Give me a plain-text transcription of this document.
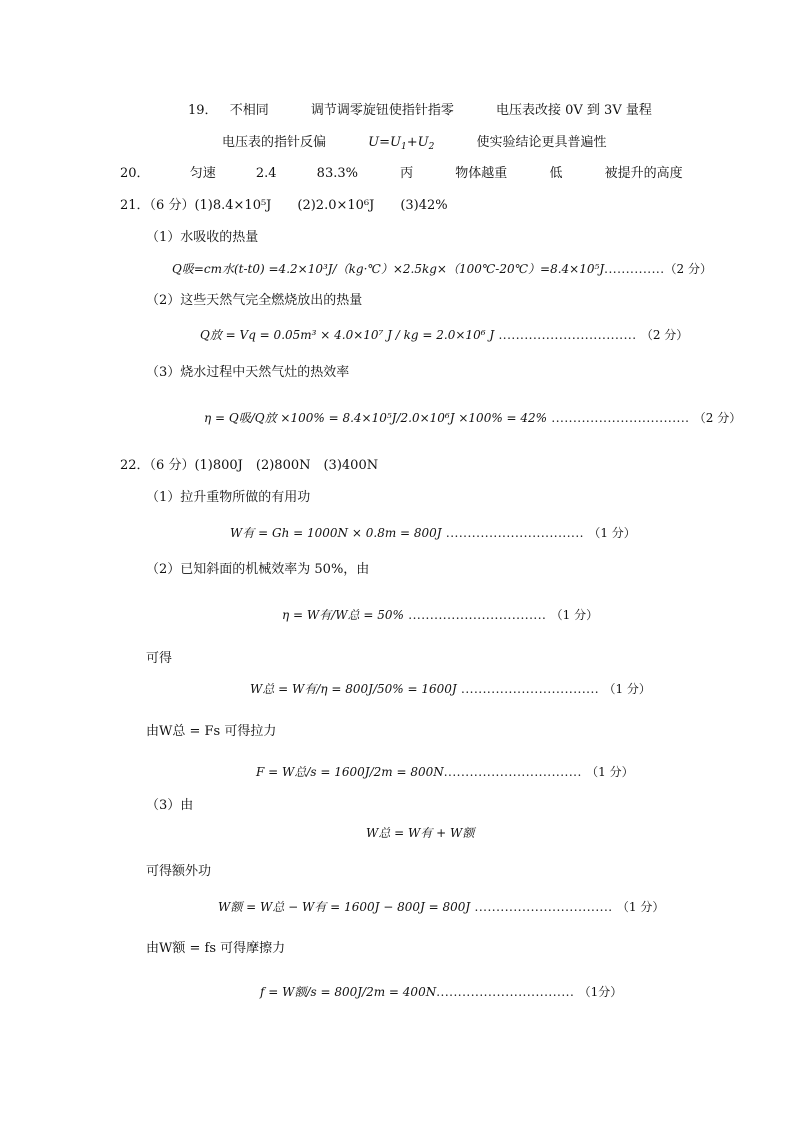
19． 不相同	调节调零旋钮使指针指零	电压表改接 0V 到 3V 量程
电压表的指针反偏	$U=U_1+U_2$	使实验结论更具普遍性
20．	匀速	2.4	83.3%	丙	物体越重	低	被提升的高度
21．（6 分）(1)8.4×10⁵J　　(2)2.0×10⁶J　　(3)42%
（1）水吸收的热量
Q吸=cm水(t-t0) =4.2×10³J/（kg·℃）×2.5kg×（100℃-20℃）=8.4×10⁵J..............（2 分）
（2）这些天然气完全燃烧放出的热量
Q放 = Vq = 0.05m³ × 4.0×10⁷ J / kg = 2.0×10⁶ J ................................ （2 分）
（3）烧水过程中天然气灶的热效率
η = Q吸/Q放 ×100% = 8.4×10⁵J/2.0×10⁶J ×100% = 42% ................................ （2 分）
22．（6 分）(1)800J　(2)800N　(3)400N
（1）拉升重物所做的有用功
W有 = Gh = 1000N × 0.8m = 800J ................................ （1 分）
（2）已知斜面的机械效率为 50%，由
η = W有/W总 = 50% ................................ （1 分）
可得
W总 = W有/η = 800J/50% = 1600J ................................ （1 分）
由W总 = Fs 可得拉力
F = W总/s = 1600J/2m = 800N................................ （1 分）
（3）由
W总 = W有 + W额
可得额外功
W额 = W总 − W有 = 1600J − 800J = 800J ................................ （1 分）
由W额 = fs 可得摩擦力
f = W额/s = 800J/2m = 400N................................ （1分）
